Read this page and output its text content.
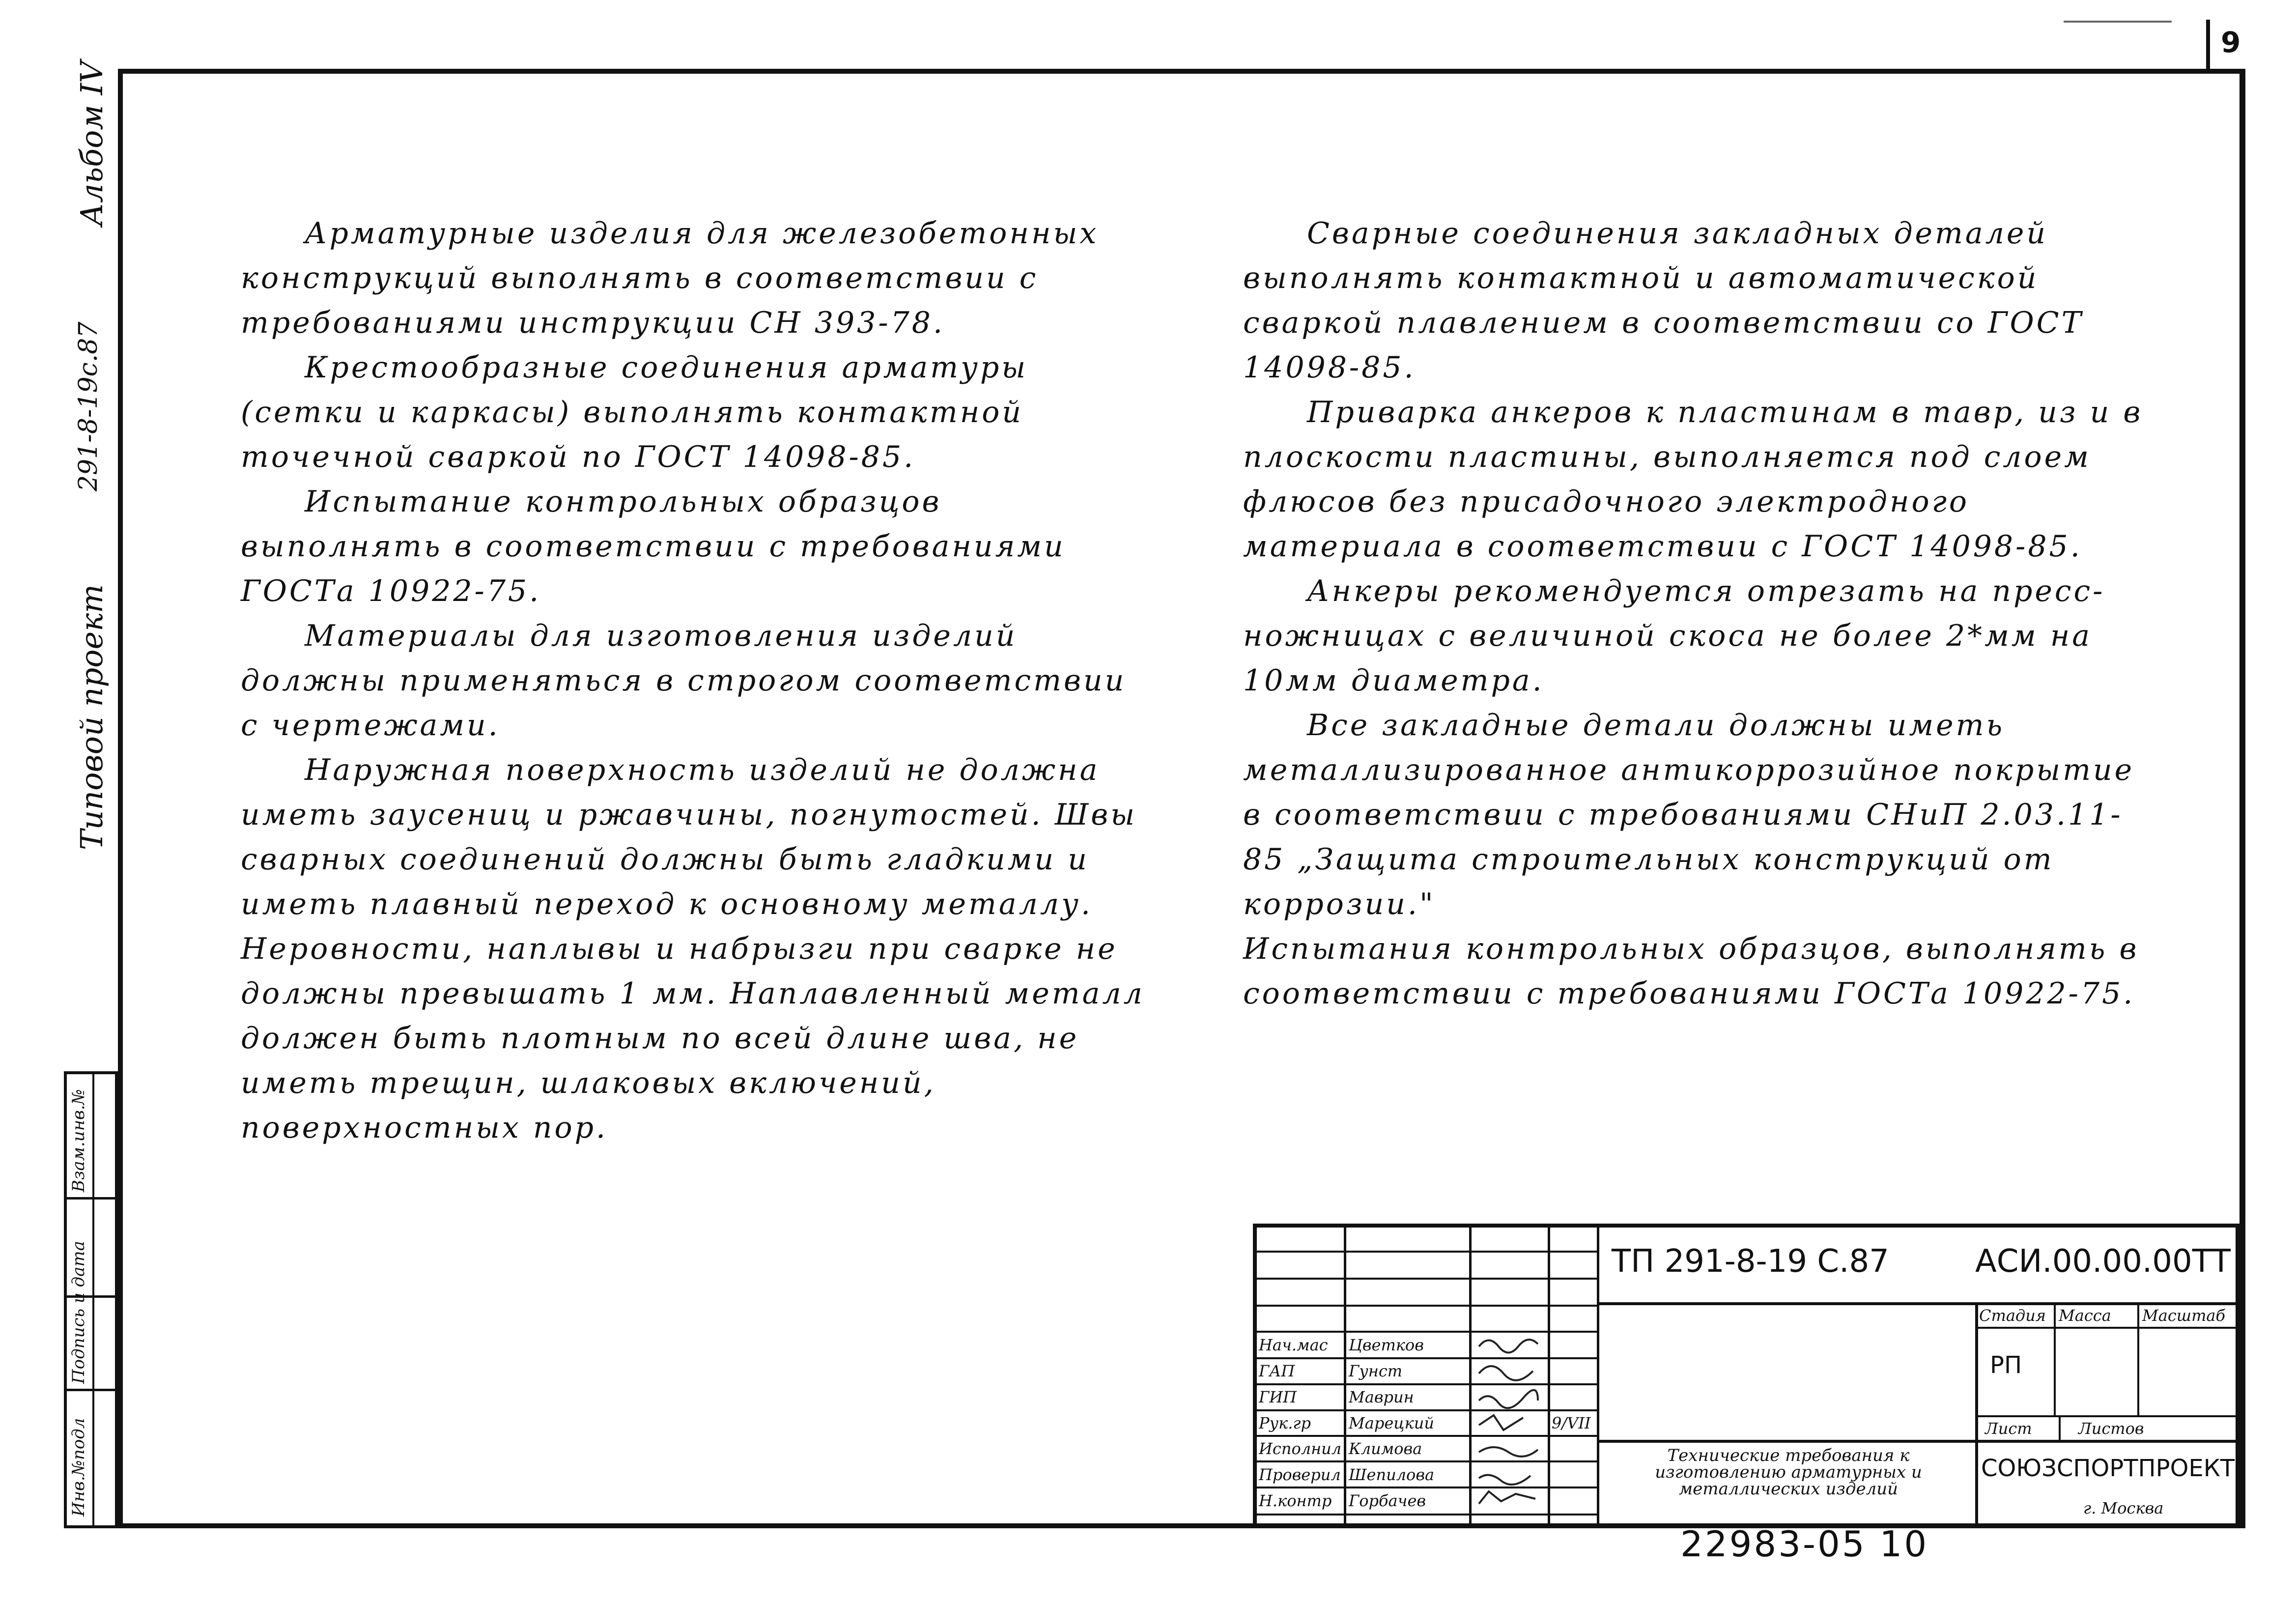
9
Альбом IV
291-8-19с.87
Типовой проект
Взам.инв.№
Подпись и дата
Инв.№подл

Арматурные изделия для железобетонных конструкций выполнять в соответствии с требованиями инструкции СН 393-78.

Крестообразные соединения арматуры (сетки и каркасы) выполнять контактной точечной сваркой по ГОСТ 14098-85.

Испытание контрольных образцов выполнять в соответствии с требованиями ГОСТа 10922-75.

Материалы для изготовления изделий должны применяться в строгом соответствии с чертежами.

Наружная поверхность изделий не должна иметь заусениц и ржавчины, погнутостей. Швы сварных соединений должны быть гладкими и иметь плавный переход к основному металлу. Неровности, наплывы и набрызги при сварке не должны превышать 1 мм. Наплавленный металл должен быть плотным по всей длине шва, не иметь трещин, шлаковых включений, поверхностных пор.

Сварные соединения закладных деталей выполнять контактной и автоматической сваркой плавлением в соответствии со ГОСТ 14098-85.

Приварка анкеров к пластинам в тавр, из и в плоскости пластины, выполняется под слоем флюсов без присадочного электродного материала в соответствии с ГОСТ 14098-85.

Анкеры рекомендуется отрезать на пресс-ножницах с величиной скоса не более 2*мм на 10мм диаметра.

Все закладные детали должны иметь металлизированное антикоррозийное покрытие в соответствии с требованиями СНиП 2.03.11-85 „Защита строительных конструкций от коррозии."

Испытания контрольных образцов, выполнять в соответствии с требованиями ГОСТа 10922-75.

ТП 291-8-19 С.87	АСИ.00.00.00ТТ
Стадия Масса Масштаб
РП
Лист	Листов
Технические требования к изготовлению арматурных и металлических изделий
СОЮЗСПОРТПРОЕКТ
г. Москва
Нач.мас Цветков
ГАП	Гунст
ГИП	Маврин
Рук.гр Марецкий
Исполнил Климова
Проверил Шепилова
Н.контр Горбачев
9/VII
22983-05 10
